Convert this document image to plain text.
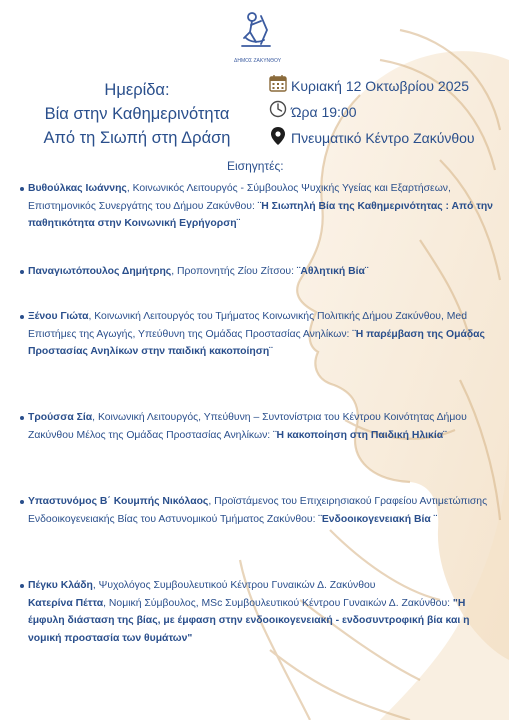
ΔΗΜΟΣ ΖΑΚΥΝΘΟΥ
Ημερίδα:
Βία στην Καθημερινότητα
Από τη Σιωπή στη Δράση
Κυριακή 12 Οκτωβρίου 2025
Ώρα 19:00
Πνευματικό Κέντρο Ζακύνθου
Εισηγητές:
Βυθούλκας Ιωάννης, Κοινωνικός Λειτουργός - Σύμβουλος Ψυχικής Υγείας και Εξαρτήσεων, Επιστημονικός Συνεργάτης του Δήμου Ζακύνθου: ¨Η Σιωπηλή Βία της Καθημερινότητας : Από την παθητικότητα στην Κοινωνική Εγρήγορση¨
Παναγιωτόπουλος Δημήτρης, Προπονητής Ζίου Ζίτσου: ¨Αθλητική Βία¨
Ξένου Γιώτα, Κοινωνική Λειτουργός του Τμήματος Κοινωνικής Πολιτικής Δήμου Ζακύνθου, Med Επιστήμες της Αγωγής, Υπεύθυνη της Ομάδας Προστασίας Ανηλίκων: ¨Η παρέμβαση της Ομάδας Προστασίας Ανηλίκων στην παιδική κακοποίηση¨
Τρούσσα Σία, Κοινωνική Λειτουργός, Υπεύθυνη – Συντονίστρια του Κέντρου Κοινότητας Δήμου Ζακύνθου Μέλος της Ομάδας Προστασίας Ανηλίκων: ¨Η κακοποίηση στη Παιδική Ηλικία¨
Υπαστυνόμος Β΄ Κουμπής Νικόλαος, Προϊστάμενος του Επιχειρησιακού Γραφείου Αντιμετώπισης Ενδοοικογενειακής Βίας του Αστυνομικού Τμήματος Ζακύνθου: ¨Ενδοοικογενειακή Βία ¨
Πέγκυ Κλάδη, Ψυχολόγος Συμβουλευτικού Κέντρου Γυναικών Δ. Ζακύνθου
Κατερίνα Πέττα, Νομική Σύμβουλος, MSc Συμβουλευτικού Κέντρου Γυναικών Δ. Ζακύνθου: "Η έμφυλη διάσταση της βίας, με έμφαση στην ενδοοικογενειακή - ενδοσυντροφική βία και η νομική προστασία των θυμάτων"
